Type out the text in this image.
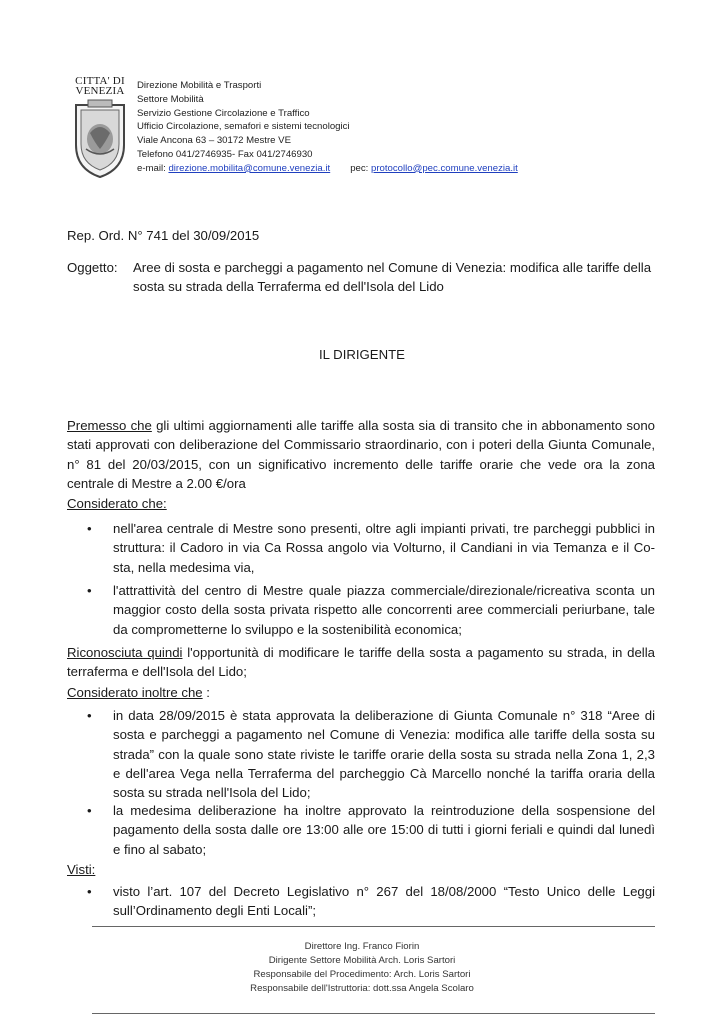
CITTA' DI
VENEZIA	Direzione Mobilità e Trasporti
Settore Mobilità
Servizio Gestione Circolazione e Traffico
Ufficio Circolazione, semafori e sistemi tecnologici
Viale Ancona 63 – 30172 Mestre VE
Telefono 041/2746935- Fax 041/2746930
e-mail: direzione.mobilita@comune.venezia.it pec: protocollo@pec.comune.venezia.it
Rep. Ord. N° 741 del 30/09/2015
Oggetto: Aree di sosta e parcheggi a pagamento nel Comune di Venezia: modifica alle tariffe della sosta su strada della Terraferma ed dell'Isola del Lido
IL DIRIGENTE
Premesso che gli ultimi aggiornamenti alle tariffe alla sosta sia di transito che in abbonamento sono stati approvati con deliberazione del Commissario straordinario, con i poteri della Giunta Comunale, n° 81 del 20/03/2015, con un significativo incremento delle tariffe orarie che vede ora la zona centrale di Mestre a 2.00 €/ora
Considerato che:
• nell'area centrale di Mestre sono presenti, oltre agli impianti privati, tre parcheggi pubblici in struttura: il Cadoro in via Ca Rossa angolo via Volturno, il Candiani in via Temanza e il Co-sta, nella medesima via,
• l'attrattività del centro di Mestre quale piazza commerciale/direzionale/ricreativa sconta un maggior costo della sosta privata rispetto alle concorrenti aree commerciali periurbane, tale da comprometterne lo sviluppo e la sostenibilità economica;
Riconosciuta quindi l'opportunità di modificare le tariffe della sosta a pagamento su strada, in della terraferma e dell'Isola del Lido;
Considerato inoltre che :
• in data 28/09/2015 è stata approvata la deliberazione di Giunta Comunale n° 318 “Aree di sosta e parcheggi a pagamento nel Comune di Venezia: modifica alle tariffe della sosta su strada” con la quale sono state riviste le tariffe orarie della sosta su strada nella Zona 1, 2,3 e dell'area Vega nella Terraferma del parcheggio Cà Marcello nonché la tariffa oraria della sosta su strada nell'Isola del Lido;
• la medesima deliberazione ha inoltre approvato la reintroduzione della sospensione del pagamento della sosta dalle ore 13:00 alle ore 15:00 di tutti i giorni feriali e quindi dal lunedì e fino al sabato;
Visti:
• visto l’art. 107 del Decreto Legislativo n° 267 del 18/08/2000 “Testo Unico delle Leggi sull’Ordinamento degli Enti Locali”;
Direttore Ing. Franco Fiorin
Dirigente Settore Mobilità Arch. Loris Sartori
Responsabile del Procedimento: Arch. Loris Sartori
Responsabile dell'Istruttoria: dott.ssa Angela Scolaro
